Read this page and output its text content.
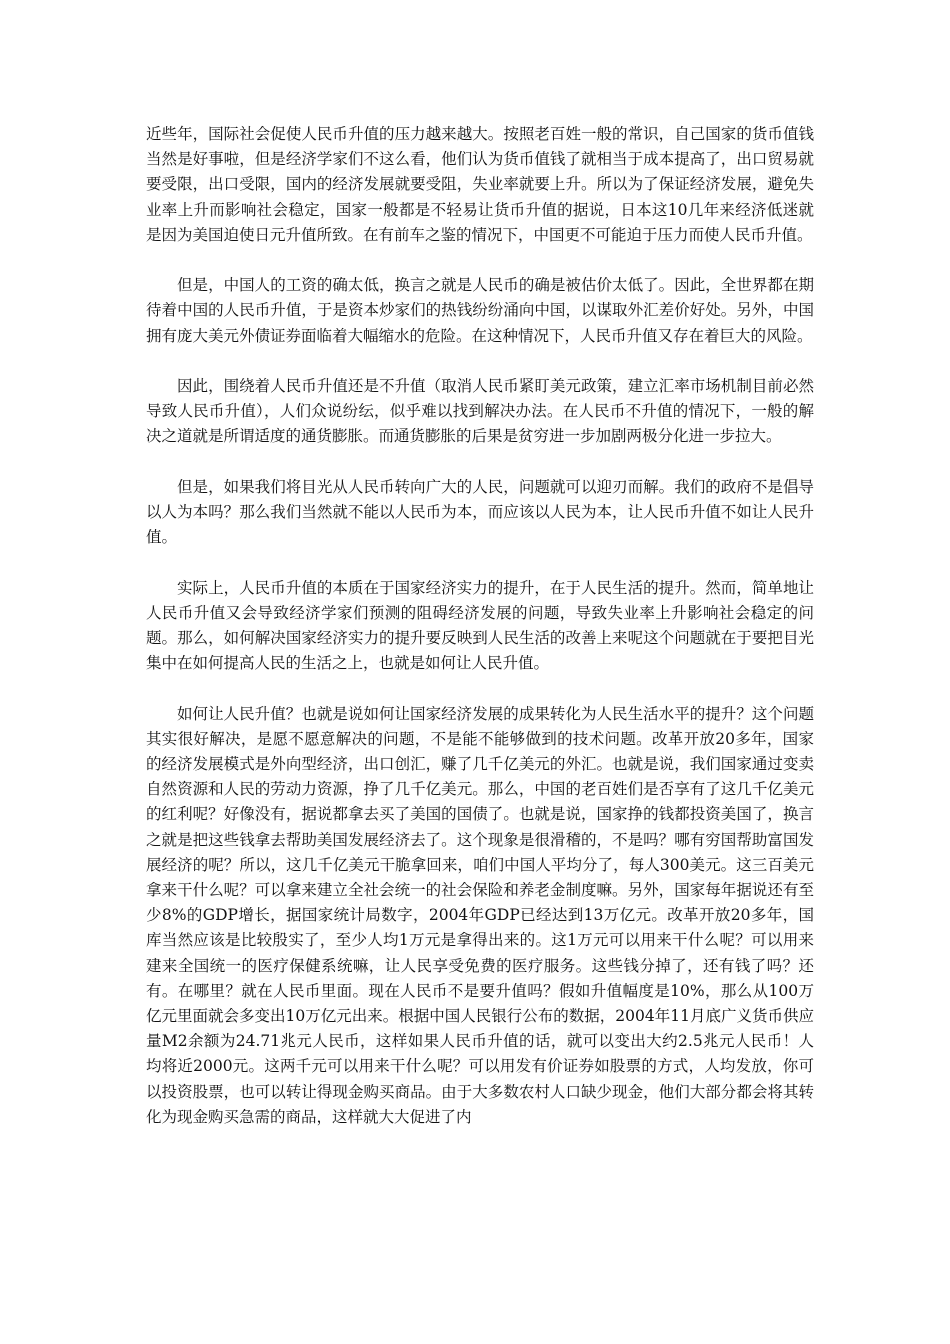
近些年，国际社会促使人民币升值的压力越来越大。按照老百姓一般的常识，自己国家的货币值钱当然是好事啦，但是经济学家们不这么看，他们认为货币值钱了就相当于成本提高了，出口贸易就要受限，出口受限，国内的经济发展就要受阻，失业率就要上升。所以为了保证经济发展，避免失业率上升而影响社会稳定，国家一般都是不轻易让货币升值的据说，日本这10几年来经济低迷就是因为美国迫使日元升值所致。在有前车之鉴的情况下，中国更不可能迫于压力而使人民币升值。

但是，中国人的工资的确太低，换言之就是人民币的确是被估价太低了。因此，全世界都在期待着中国的人民币升值，于是资本炒家们的热钱纷纷涌向中国，以谋取外汇差价好处。另外，中国拥有庞大美元外债证券面临着大幅缩水的危险。在这种情况下，人民币升值又存在着巨大的风险。

因此，围绕着人民币升值还是不升值（取消人民币紧盯美元政策，建立汇率市场机制目前必然导致人民币升值），人们众说纷纭，似乎难以找到解决办法。在人民币不升值的情况下，一般的解决之道就是所谓适度的通货膨胀。而通货膨胀的后果是贫穷进一步加剧两极分化进一步拉大。

但是，如果我们将目光从人民币转向广大的人民，问题就可以迎刃而解。我们的政府不是倡导以人为本吗？那么我们当然就不能以人民币为本，而应该以人民为本，让人民币升值不如让人民升值。

实际上，人民币升值的本质在于国家经济实力的提升，在于人民生活的提升。然而，简单地让人民币升值又会导致经济学家们预测的阻碍经济发展的问题，导致失业率上升影响社会稳定的问题。那么，如何解决国家经济实力的提升要反映到人民生活的改善上来呢这个问题就在于要把目光集中在如何提高人民的生活之上，也就是如何让人民升值。

如何让人民升值？也就是说如何让国家经济发展的成果转化为人民生活水平的提升？这个问题其实很好解决，是愿不愿意解决的问题，不是能不能够做到的技术问题。改革开放20多年，国家的经济发展模式是外向型经济，出口创汇，赚了几千亿美元的外汇。也就是说，我们国家通过变卖自然资源和人民的劳动力资源，挣了几千亿美元。那么，中国的老百姓们是否享有了这几千亿美元的红利呢？好像没有，据说都拿去买了美国的国债了。也就是说，国家挣的钱都投资美国了，换言之就是把这些钱拿去帮助美国发展经济去了。这个现象是很滑稽的，不是吗？哪有穷国帮助富国发展经济的呢？所以，这几千亿美元干脆拿回来，咱们中国人平均分了，每人300美元。这三百美元拿来干什么呢？可以拿来建立全社会统一的社会保险和养老金制度嘛。另外，国家每年据说还有至少8%的GDP增长，据国家统计局数字，2004年GDP已经达到13万亿元。改革开放20多年，国库当然应该是比较殷实了，至少人均1万元是拿得出来的。这1万元可以用来干什么呢？可以用来建来全国统一的医疗保健系统嘛，让人民享受免费的医疗服务。这些钱分掉了，还有钱了吗？还有。在哪里？就在人民币里面。现在人民币不是要升值吗？假如升值幅度是10%，那么从100万亿元里面就会多变出10万亿元出来。根据中国人民银行公布的数据，2004年11月底广义货币供应量M2余额为24.71兆元人民币，这样如果人民币升值的话，就可以变出大约2.5兆元人民币！人均将近2000元。这两千元可以用来干什么呢？可以用发有价证券如股票的方式，人均发放，你可以投资股票，也可以转让得现金购买商品。由于大多数农村人口缺少现金，他们大部分都会将其转化为现金购买急需的商品，这样就大大促进了内
